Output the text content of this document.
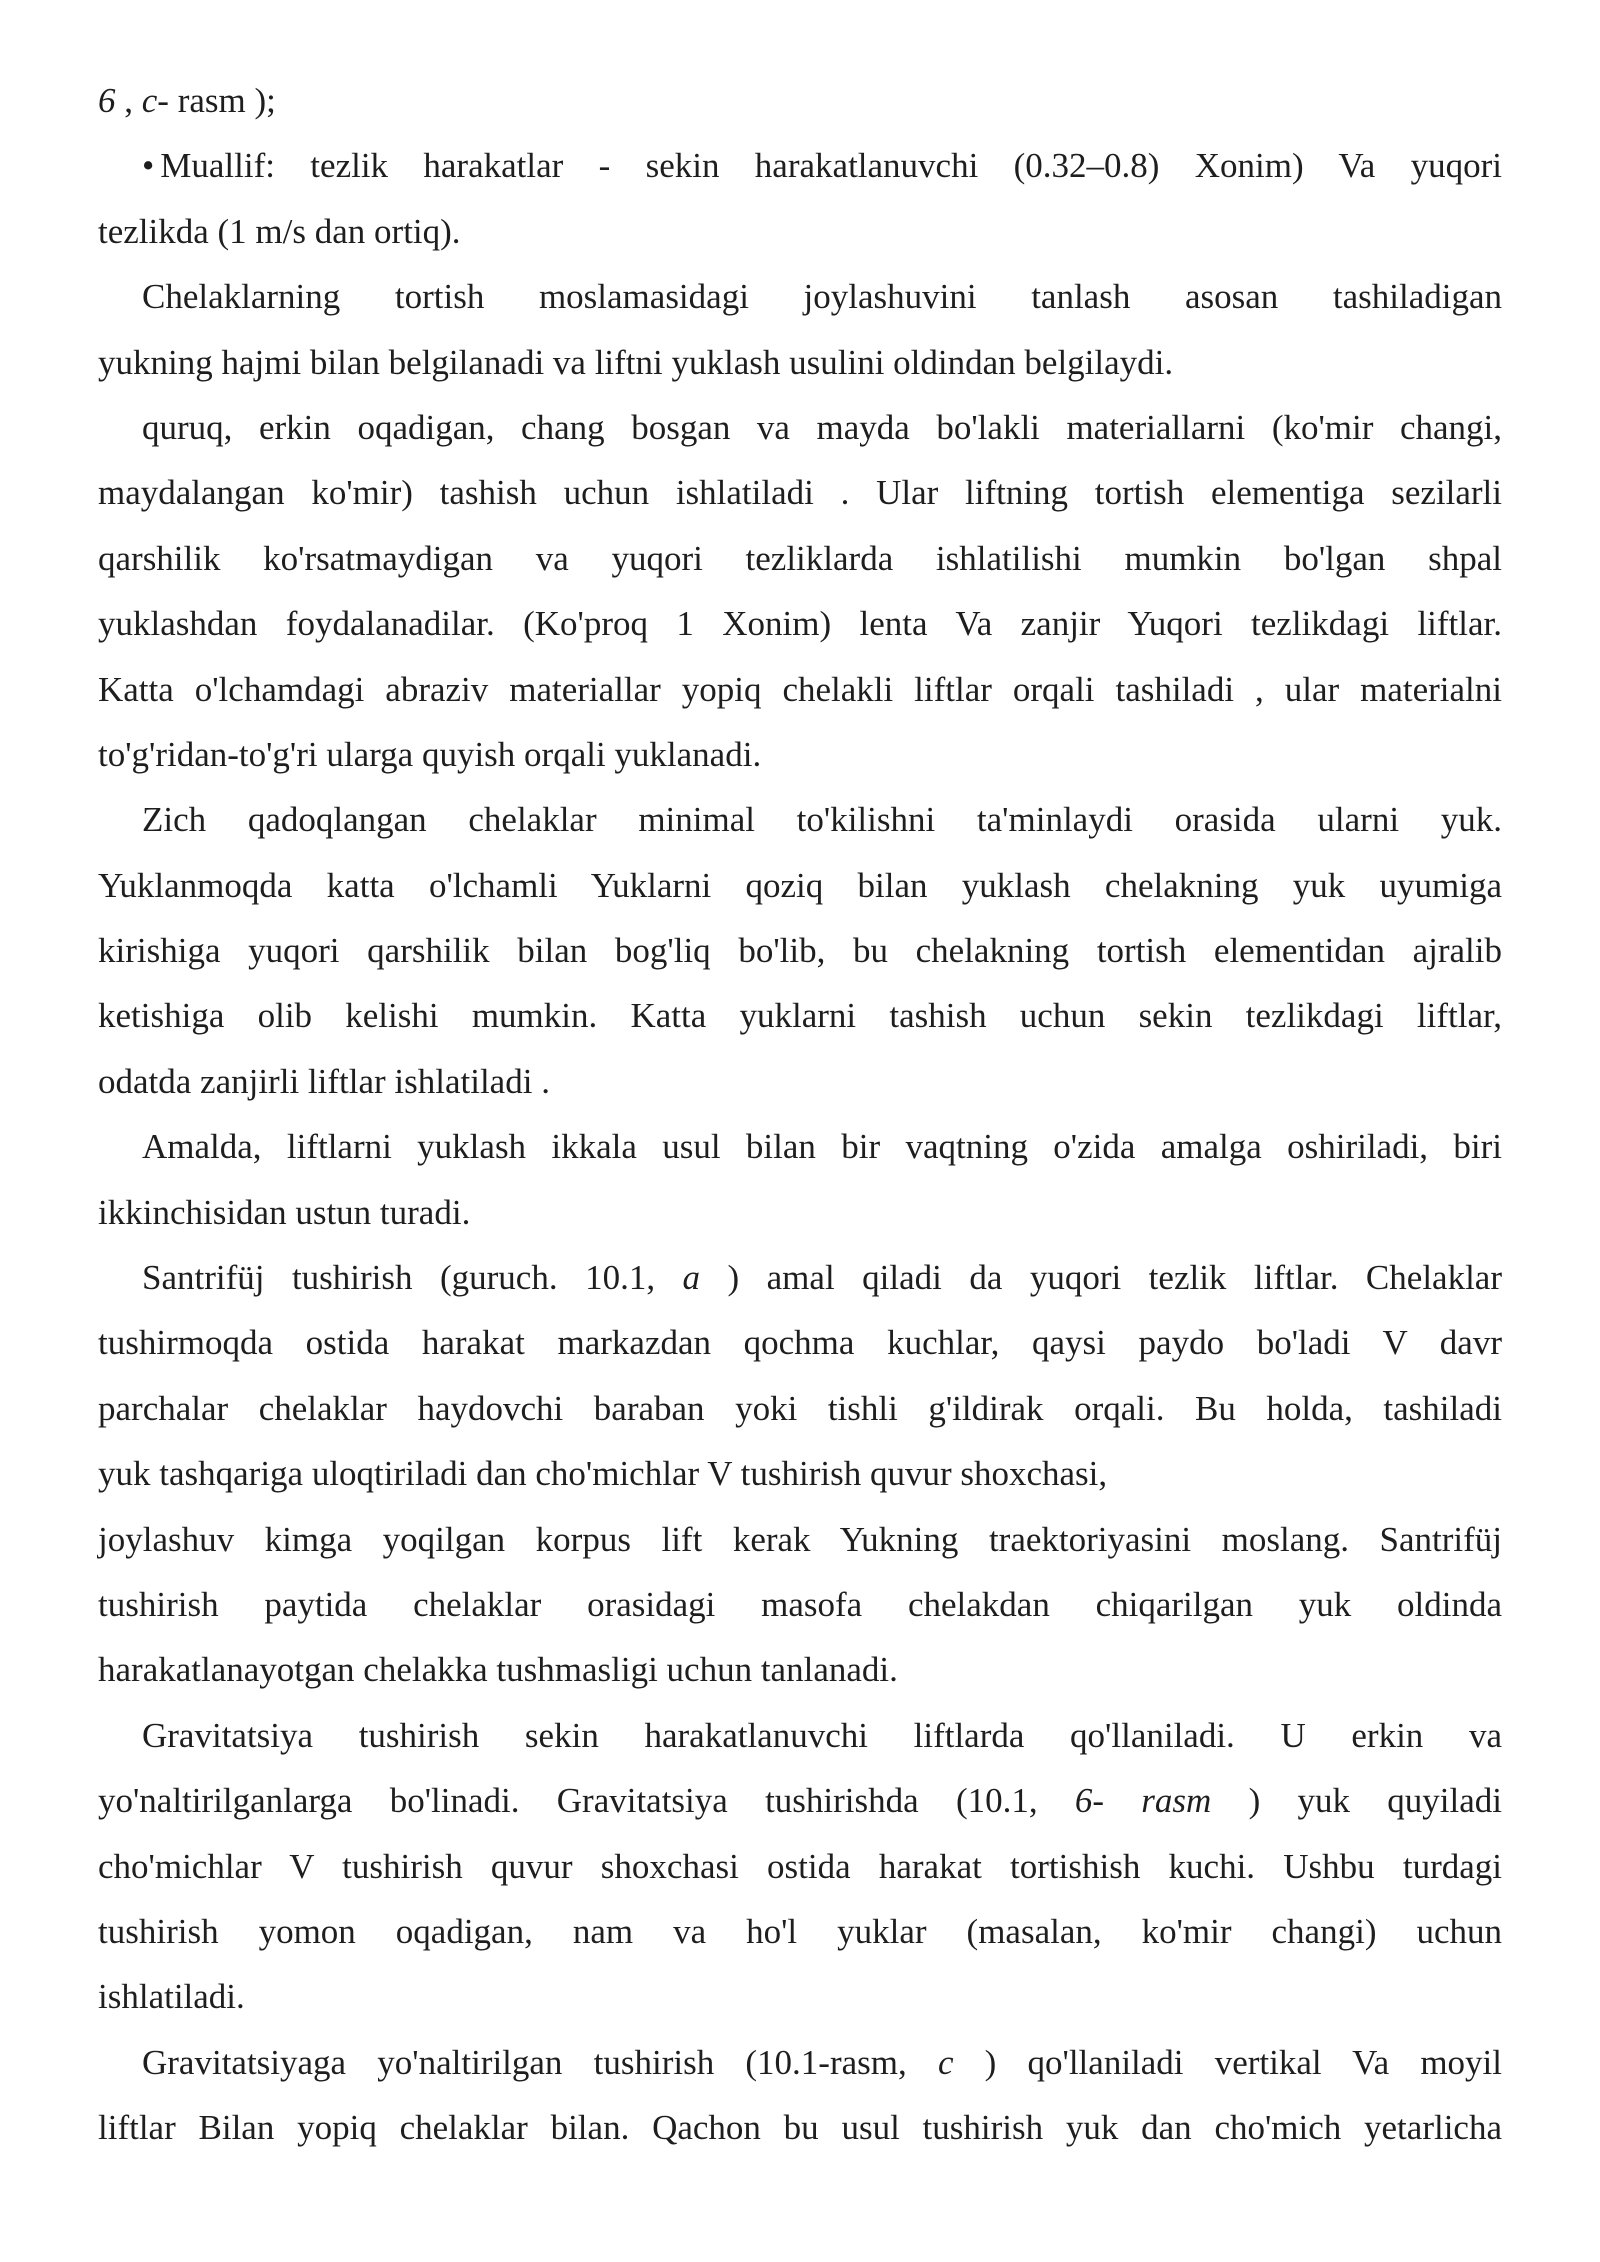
6 , c- rasm );
• Muallif: tezlik harakatlar - sekin harakatlanuvchi (0.32–0.8) Xonim) Va yuqori
tezlikda (1 m/s dan ortiq).
Chelaklarning tortish moslamasidagi joylashuvini tanlash asosan tashiladigan
yukning hajmi bilan belgilanadi va liftni yuklash usulini oldindan belgilaydi.
quruq, erkin oqadigan, chang bosgan va mayda bo'lakli materiallarni (ko'mir changi,
maydalangan ko'mir) tashish uchun ishlatiladi . Ular liftning tortish elementiga sezilarli
qarshilik ko'rsatmaydigan va yuqori tezliklarda ishlatilishi mumkin bo'lgan shpal
yuklashdan foydalanadilar. (Ko'proq 1 Xonim) lenta Va zanjir Yuqori tezlikdagi liftlar.
Katta o'lchamdagi abraziv materiallar yopiq chelakli liftlar orqali tashiladi , ular materialni
to'g'ridan-to'g'ri ularga quyish orqali yuklanadi.
Zich qadoqlangan chelaklar minimal to'kilishni ta'minlaydi orasida ularni yuk.
Yuklanmoqda katta o'lchamli Yuklarni qoziq bilan yuklash chelakning yuk uyumiga
kirishiga yuqori qarshilik bilan bog'liq bo'lib, bu chelakning tortish elementidan ajralib
ketishiga olib kelishi mumkin. Katta yuklarni tashish uchun sekin tezlikdagi liftlar,
odatda zanjirli liftlar ishlatiladi .
Amalda, liftlarni yuklash ikkala usul bilan bir vaqtning o'zida amalga oshiriladi, biri
ikkinchisidan ustun turadi.
Santrifüj tushirish (guruch. 10.1, a ) amal qiladi da yuqori tezlik liftlar. Chelaklar
tushirmoqda ostida harakat markazdan qochma kuchlar, qaysi paydo bo'ladi V davr
parchalar chelaklar haydovchi baraban yoki tishli g'ildirak orqali. Bu holda, tashiladi
yuk tashqariga uloqtiriladi dan cho'michlar V tushirish quvur shoxchasi,
joylashuv kimga yoqilgan korpus lift kerak Yukning traektoriyasini moslang. Santrifüj
tushirish paytida chelaklar orasidagi masofa chelakdan chiqarilgan yuk oldinda
harakatlanayotgan chelakka tushmasligi uchun tanlanadi.
Gravitatsiya tushirish sekin harakatlanuvchi liftlarda qo'llaniladi. U erkin va
yo'naltirilganlarga bo'linadi. Gravitatsiya tushirishda (10.1, 6- rasm ) yuk quyiladi
cho'michlar V tushirish quvur shoxchasi ostida harakat tortishish kuchi. Ushbu turdagi
tushirish yomon oqadigan, nam va ho'l yuklar (masalan, ko'mir changi) uchun
ishlatiladi.
Gravitatsiyaga yo'naltirilgan tushirish (10.1-rasm, c ) qo'llaniladi vertikal Va moyil
liftlar Bilan yopiq chelaklar bilan. Qachon bu usul tushirish yuk dan cho'mich yetarlicha
